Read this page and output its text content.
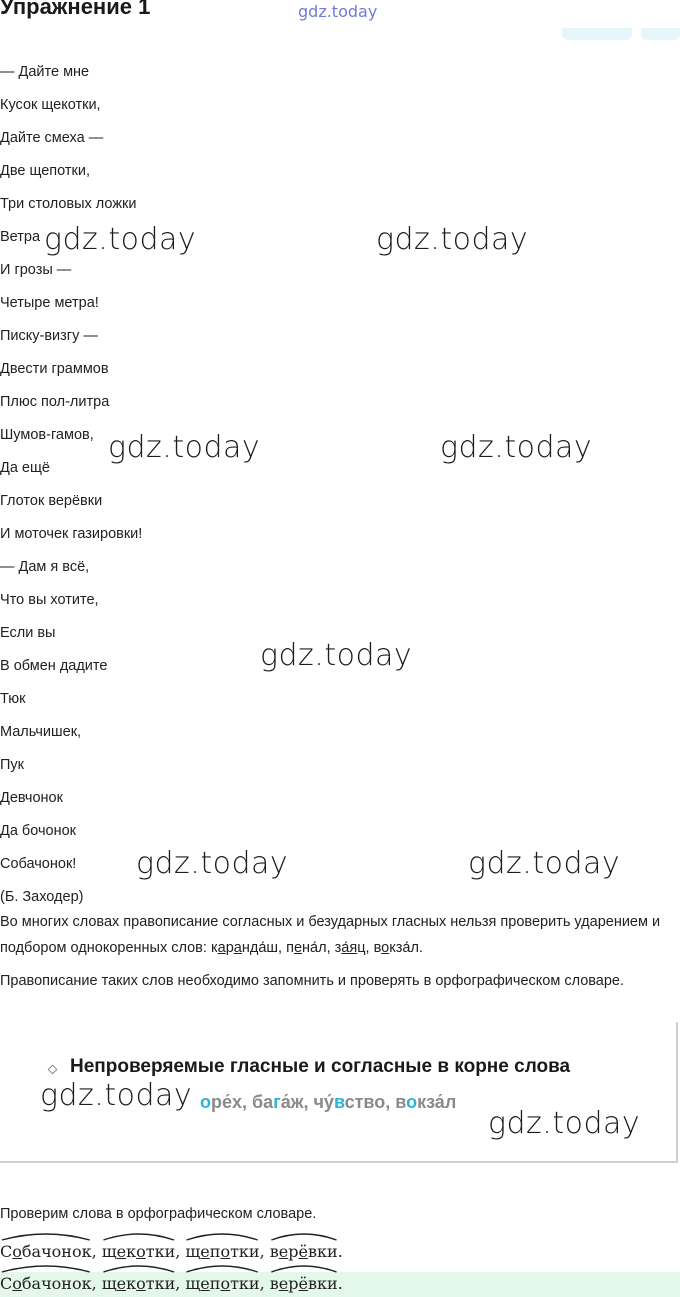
Упражнение 1	gdz.today
— Дайте мне
Кусок щекотки,
Дайте смеха —
Две щепотки,
Три столовых ложки
Ветра
И грозы —
Четыре метра!
Писку-визгу —
Двести граммов
Плюс пол-литра
Шумов-гамов,
Да ещё
Глоток верёвки
И моточек газировки!
— Дам я всё,
Что вы хотите,
Если вы
В обмен дадите
Тюк
Мальчишек,
Пук
Девчонок
Да бочонок
Собачонок!
(Б. Заходер)
Во многих словах правописание согласных и безударных гласных нельзя проверить ударением и подбором однокоренных слов: каранда́ш, пена́л, за́яц, вокза́л.
Правописание таких слов необходимо запомнить и проверять в орфографическом словаре.
Непроверяемые гласные и согласные в корне слова
оре́х, бага́ж, чу́вство, вокза́л
Проверим слова в орфографическом словаре.
Собачонок,
щекотки,
щепотки,
верёвки.
Собачонок,
щекотки,
щепотки,
верёвки.
gdz.today	gdz.today
gdz.today	gdz.today
gdz.today
gdz.today	gdz.today
gdz.today
gdz.today
